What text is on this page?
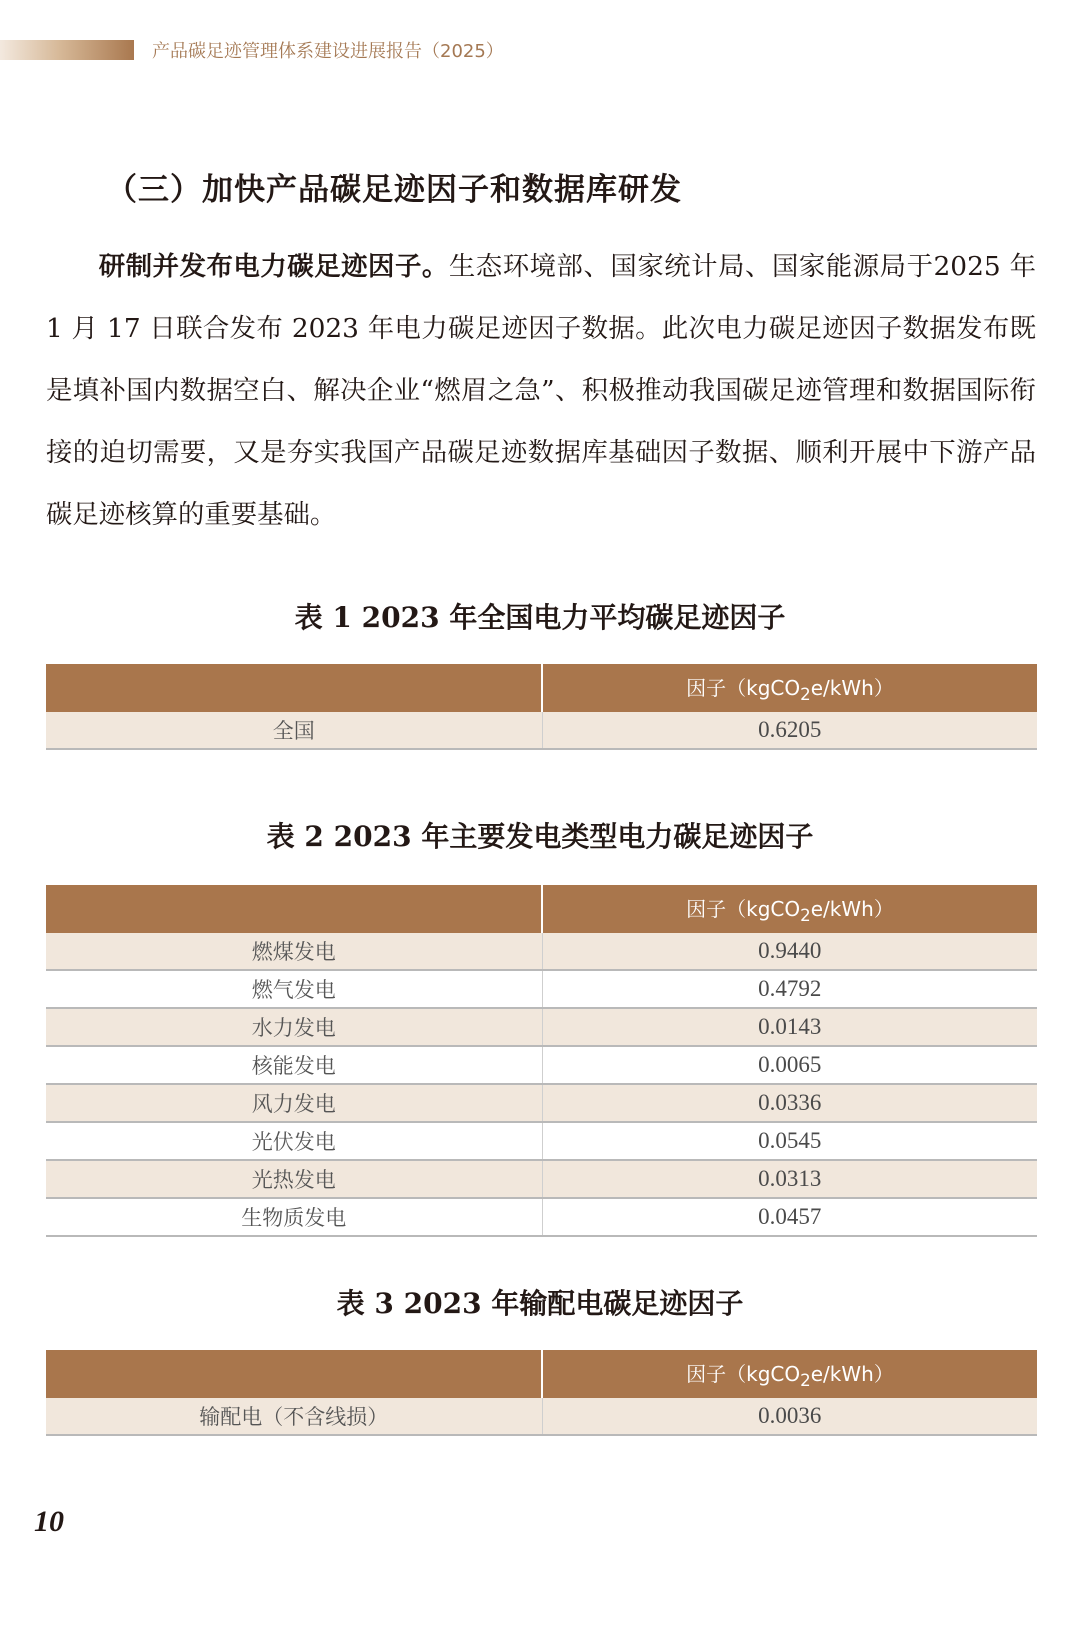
产品碳足迹管理体系建设进展报告（2025）
（三）加快产品碳足迹因子和数据库研发

研制并发布电力碳足迹因子。生态环境部、国家统计局、国家能源局于2025 年 1 月 17 日联合发布 2023 年电力碳足迹因子数据。此次电力碳足迹因子数据发布既是填补国内数据空白、解决企业“燃眉之急”、积极推动我国碳足迹管理和数据国际衔接的迫切需要，又是夯实我国产品碳足迹数据库基础因子数据、顺利开展中下游产品碳足迹核算的重要基础。

表 1 2023 年全国电力平均碳足迹因子
	因子（kgCO$_2$e/kWh）
全国	0.6205
表 2 2023 年主要发电类型电力碳足迹因子
	因子（kgCO$_2$e/kWh）
燃煤发电	0.9440
燃气发电	0.4792
水力发电	0.0143
核能发电	0.0065
风力发电	0.0336
光伏发电	0.0545
光热发电	0.0313
生物质发电	0.0457
表 3 2023 年输配电碳足迹因子
	因子（kgCO$_2$e/kWh）
输配电（不含线损）	0.0036
10
